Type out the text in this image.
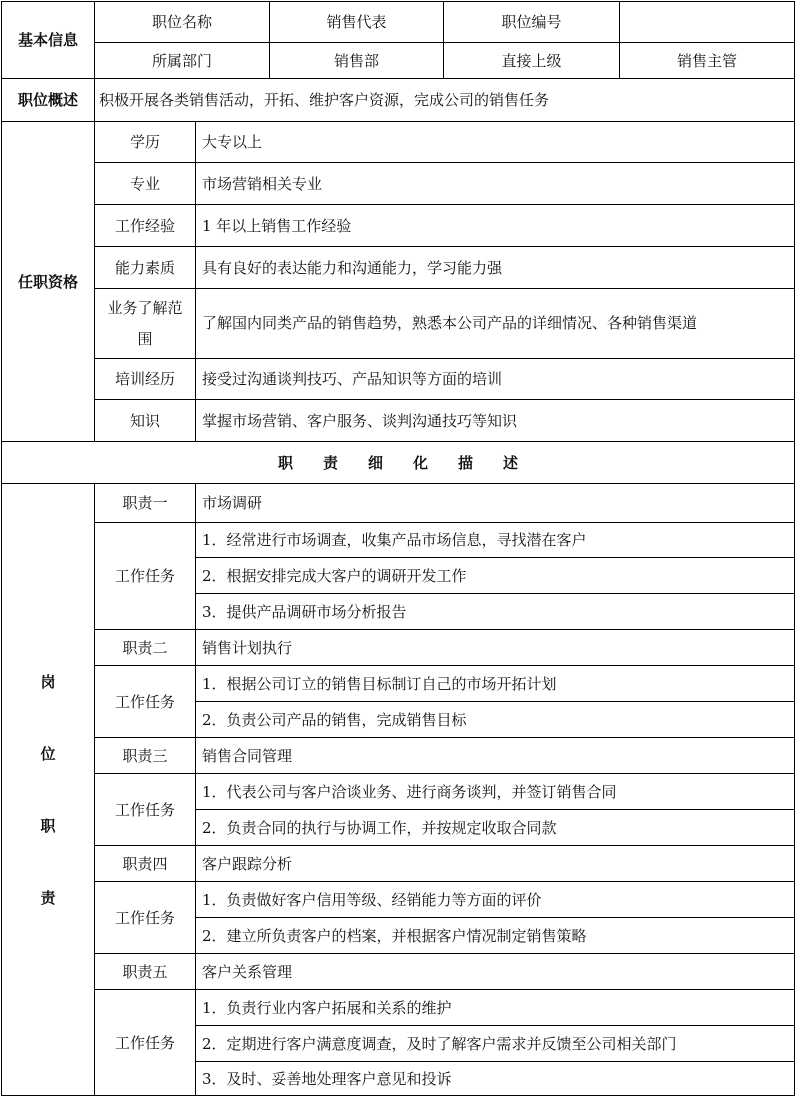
基本信息	职位名称		销售代表	职位编号	
	所属部门		销售部	直接上级	销售主管
职位概述	积极开展各类销售活动，开拓、维护客户资源，完成公司的销售任务				
任职资格	学历	大专以上			
	专业	市场营销相关专业			
	工作经验	1 年以上销售工作经验			
	能力素质	具有良好的表达能力和沟通能力，学习能力强			
	业务了解范围	了解国内同类产品的销售趋势，熟悉本公司产品的详细情况、各种销售渠道			
	培训经历	接受过沟通谈判技巧、产品知识等方面的培训			
	知识	掌握市场营销、客户服务、谈判沟通技巧等知识			
职责细化描述					

岗
位
职
责	职责一	市场调研			
	工作任务	1．经常进行市场调查，收集产品市场信息，寻找潜在客户			
		2．根据安排完成大客户的调研开发工作			
		3．提供产品调研市场分析报告			
	职责二	销售计划执行			
	工作任务	1．根据公司订立的销售目标制订自己的市场开拓计划			
		2．负责公司产品的销售，完成销售目标			
	职责三	销售合同管理			
	工作任务	1．代表公司与客户洽谈业务、进行商务谈判，并签订销售合同			
		2．负责合同的执行与协调工作，并按规定收取合同款			
	职责四	客户跟踪分析			
	工作任务	1．负责做好客户信用等级、经销能力等方面的评价			
		2．建立所负责客户的档案，并根据客户情况制定销售策略			
	职责五	客户关系管理			
	工作任务	1．负责行业内客户拓展和关系的维护			
		2．定期进行客户满意度调查，及时了解客户需求并反馈至公司相关部门			
		3．及时、妥善地处理客户意见和投诉			
